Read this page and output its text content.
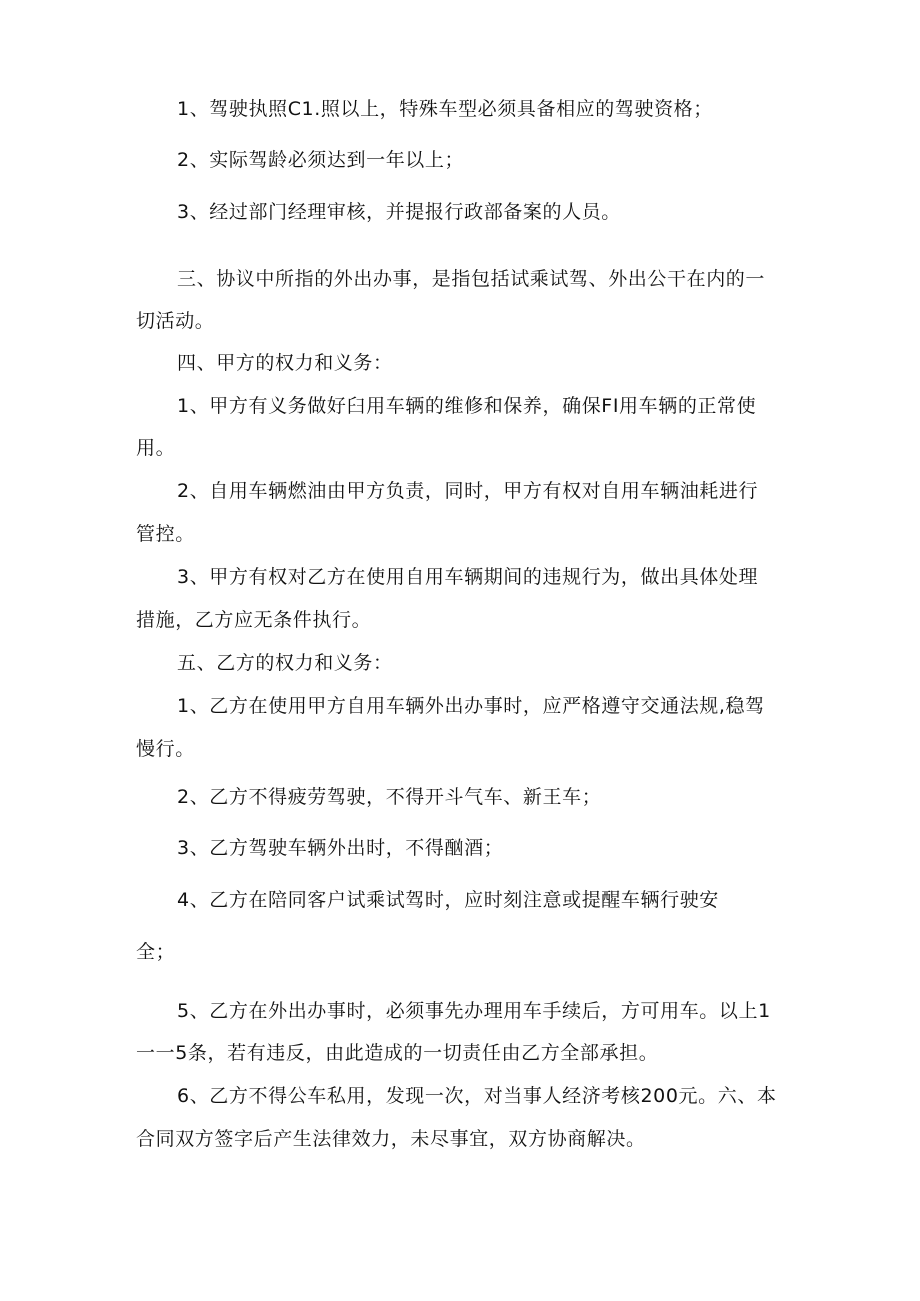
1、驾驶执照C1.照以上，特殊车型必须具备相应的驾驶资格；
2、实际驾龄必须达到一年以上；
3、经过部门经理审核，并提报行政部备案的人员。
三、协议中所指的外出办事，是指包括试乘试驾、外出公干在内的一
切活动。
四、甲方的权力和义务：
1、甲方有义务做好臼用车辆的维修和保养，确保FI用车辆的正常使
用。
2、自用车辆燃油由甲方负责，同时，甲方有权对自用车辆油耗进行
管控。
3、甲方有权对乙方在使用自用车辆期间的违规行为，做出具体处理
措施，乙方应无条件执行。
五、乙方的权力和义务：
1、乙方在使用甲方自用车辆外出办事时，应严格遵守交通法规,稳驾
慢行。
2、乙方不得疲劳驾驶，不得开斗气车、新王车；
3、乙方驾驶车辆外出时，不得酗酒；
4、乙方在陪同客户试乘试驾时，应时刻注意或提醒车辆行驶安
全；
5、乙方在外出办事时，必须事先办理用车手续后，方可用车。以上1
一一5条，若有违反，由此造成的一切责任由乙方全部承担。
6、乙方不得公车私用，发现一次，对当事人经济考核200元。六、本
合同双方签字后产生法律效力，未尽事宜，双方协商解决。
